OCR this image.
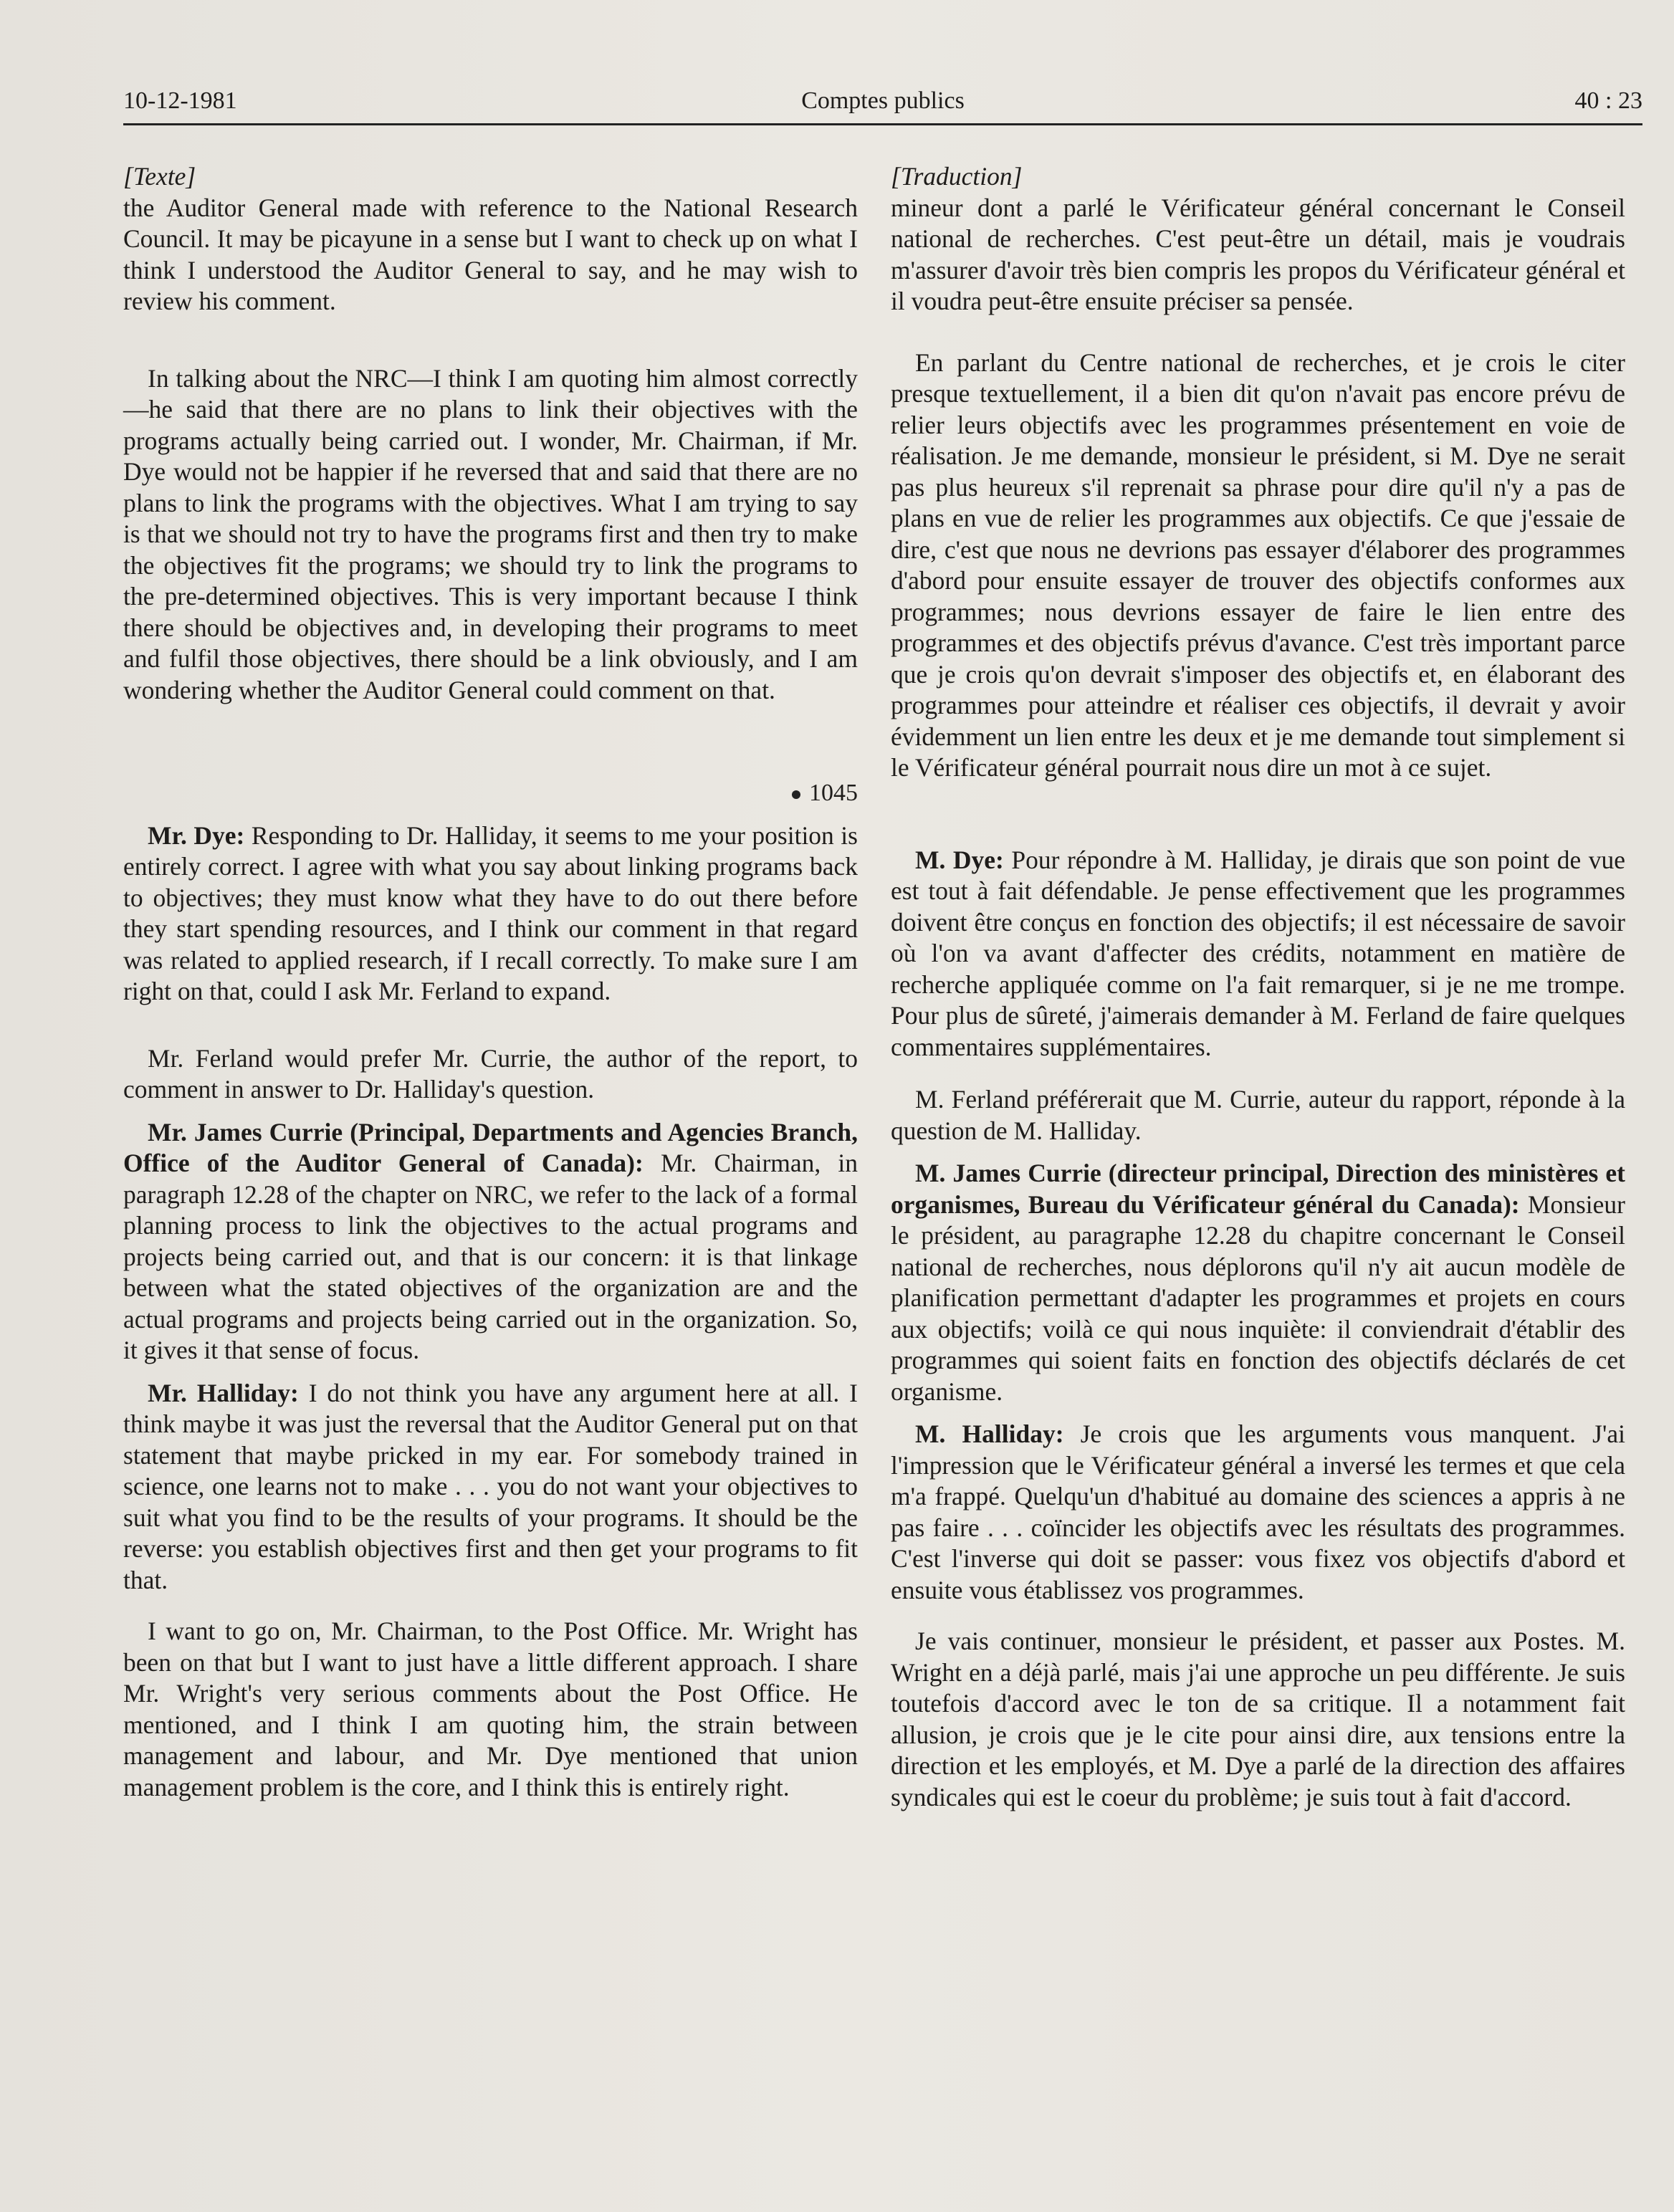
10-12-1981	Comptes publics	40 : 23
[Texte]

the Auditor General made with reference to the National Research Council. It may be picayune in a sense but I want to check up on what I think I understood the Auditor General to say, and he may wish to review his comment.

In talking about the NRC—I think I am quoting him almost correctly—he said that there are no plans to link their objectives with the programs actually being carried out. I wonder, Mr. Chairman, if Mr. Dye would not be happier if he reversed that and said that there are no plans to link the programs with the objectives. What I am trying to say is that we should not try to have the programs first and then try to make the objectives fit the programs; we should try to link the programs to the pre-determined objectives. This is very important because I think there should be objectives and, in developing their programs to meet and fulfil those objectives, there should be a link obviously, and I am wondering whether the Auditor General could comment on that.

1045

Mr. Dye: Responding to Dr. Halliday, it seems to me your position is entirely correct. I agree with what you say about linking programs back to objectives; they must know what they have to do out there before they start spending resources, and I think our comment in that regard was related to applied research, if I recall correctly. To make sure I am right on that, could I ask Mr. Ferland to expand.

Mr. Ferland would prefer Mr. Currie, the author of the report, to comment in answer to Dr. Halliday's question.

Mr. James Currie (Principal, Departments and Agencies Branch, Office of the Auditor General of Canada): Mr. Chairman, in paragraph 12.28 of the chapter on NRC, we refer to the lack of a formal planning process to link the objectives to the actual programs and projects being carried out, and that is our concern: it is that linkage between what the stated objectives of the organization are and the actual programs and projects being carried out in the organization. So, it gives it that sense of focus.

Mr. Halliday: I do not think you have any argument here at all. I think maybe it was just the reversal that the Auditor General put on that statement that maybe pricked in my ear. For somebody trained in science, one learns not to make . . . you do not want your objectives to suit what you find to be the results of your programs. It should be the reverse: you establish objectives first and then get your programs to fit that.

I want to go on, Mr. Chairman, to the Post Office. Mr. Wright has been on that but I want to just have a little different approach. I share Mr. Wright's very serious comments about the Post Office. He mentioned, and I think I am quoting him, the strain between management and labour, and Mr. Dye mentioned that union management problem is the core, and I think this is entirely right.

[Traduction]

mineur dont a parlé le Vérificateur général concernant le Conseil national de recherches. C'est peut-être un détail, mais je voudrais m'assurer d'avoir très bien compris les propos du Vérificateur général et il voudra peut-être ensuite préciser sa pensée.

En parlant du Centre national de recherches, et je crois le citer presque textuellement, il a bien dit qu'on n'avait pas encore prévu de relier leurs objectifs avec les programmes présentement en voie de réalisation. Je me demande, monsieur le président, si M. Dye ne serait pas plus heureux s'il reprenait sa phrase pour dire qu'il n'y a pas de plans en vue de relier les programmes aux objectifs. Ce que j'essaie de dire, c'est que nous ne devrions pas essayer d'élaborer des programmes d'abord pour ensuite essayer de trouver des objectifs conformes aux programmes; nous devrions essayer de faire le lien entre des programmes et des objectifs prévus d'avance. C'est très important parce que je crois qu'on devrait s'imposer des objectifs et, en élaborant des programmes pour atteindre et réaliser ces objectifs, il devrait y avoir évidemment un lien entre les deux et je me demande tout simplement si le Vérificateur général pourrait nous dire un mot à ce sujet.

M. Dye: Pour répondre à M. Halliday, je dirais que son point de vue est tout à fait défendable. Je pense effectivement que les programmes doivent être conçus en fonction des objectifs; il est nécessaire de savoir où l'on va avant d'affecter des crédits, notamment en matière de recherche appliquée comme on l'a fait remarquer, si je ne me trompe. Pour plus de sûreté, j'aimerais demander à M. Ferland de faire quelques commentaires supplémentaires.

M. Ferland préférerait que M. Currie, auteur du rapport, réponde à la question de M. Halliday.

M. James Currie (directeur principal, Direction des ministères et organismes, Bureau du Vérificateur général du Canada): Monsieur le président, au paragraphe 12.28 du chapitre concernant le Conseil national de recherches, nous déplorons qu'il n'y ait aucun modèle de planification permettant d'adapter les programmes et projets en cours aux objectifs; voilà ce qui nous inquiète: il conviendrait d'établir des programmes qui soient faits en fonction des objectifs déclarés de cet organisme.

M. Halliday: Je crois que les arguments vous manquent. J'ai l'impression que le Vérificateur général a inversé les termes et que cela m'a frappé. Quelqu'un d'habitué au domaine des sciences a appris à ne pas faire . . . coïncider les objectifs avec les résultats des programmes. C'est l'inverse qui doit se passer: vous fixez vos objectifs d'abord et ensuite vous établissez vos programmes.

Je vais continuer, monsieur le président, et passer aux Postes. M. Wright en a déjà parlé, mais j'ai une approche un peu différente. Je suis toutefois d'accord avec le ton de sa critique. Il a notamment fait allusion, je crois que je le cite pour ainsi dire, aux tensions entre la direction et les employés, et M. Dye a parlé de la direction des affaires syndicales qui est le coeur du problème; je suis tout à fait d'accord.
